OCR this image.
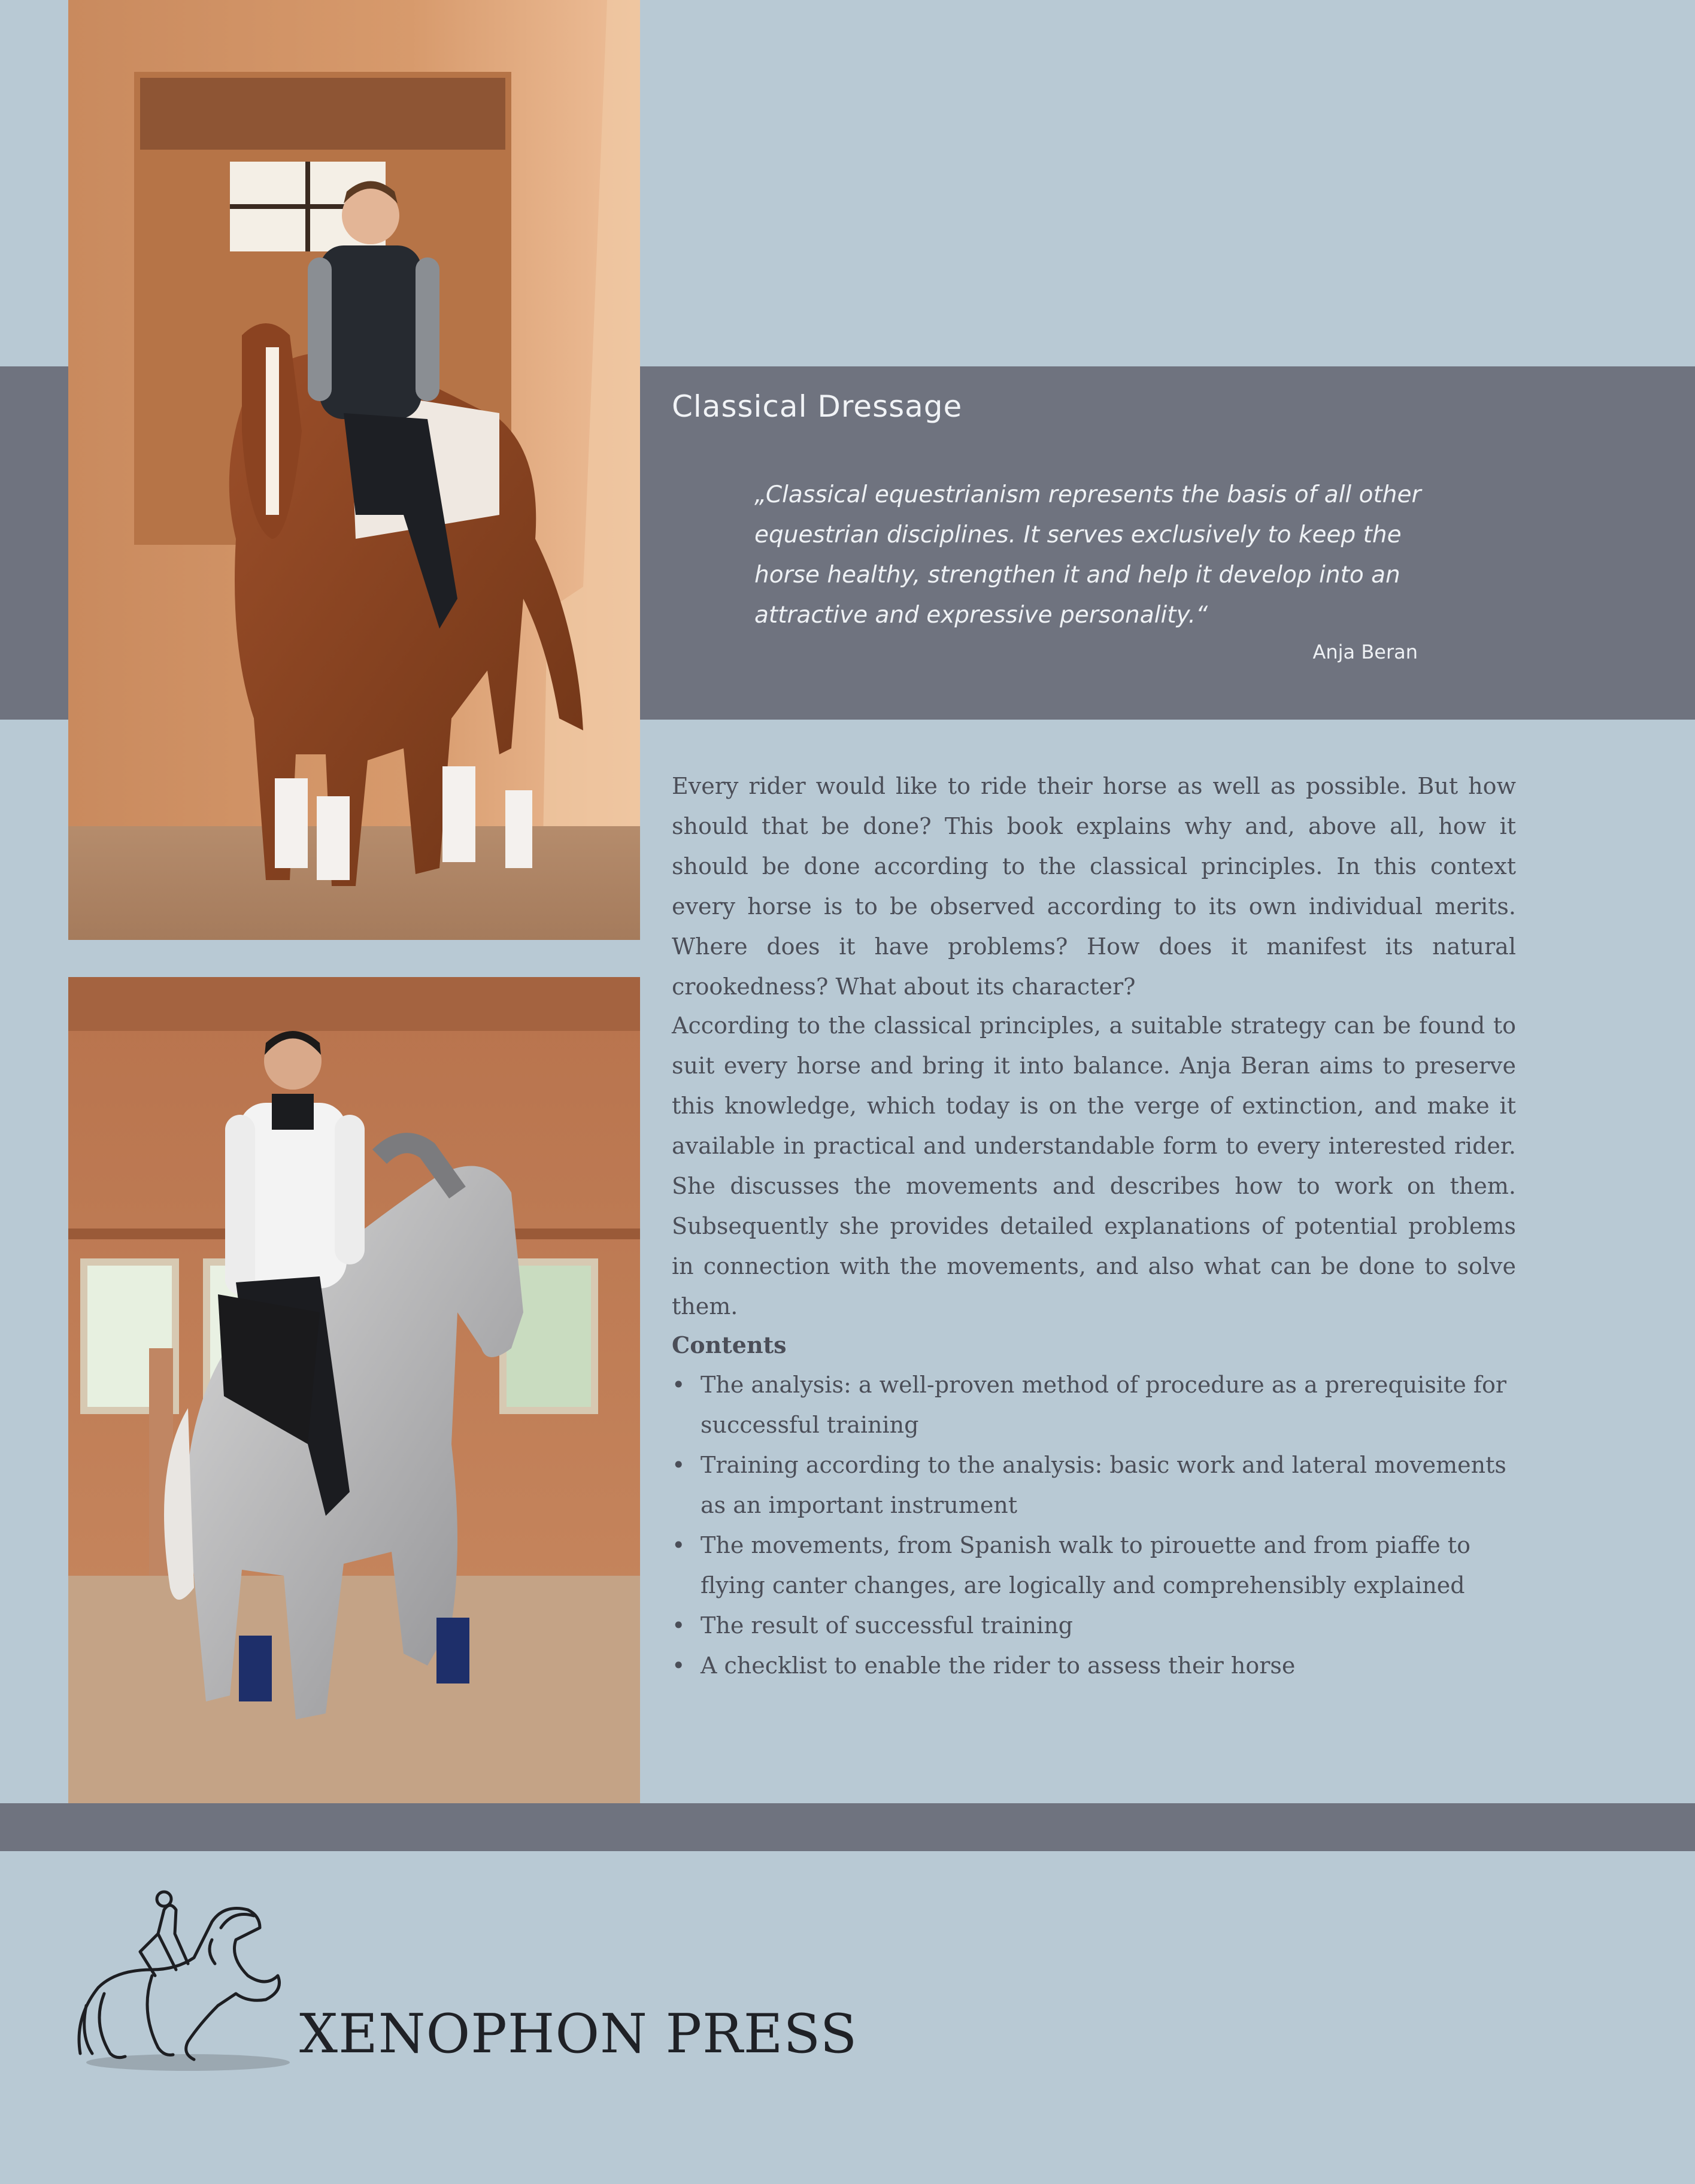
Classical Dressage

„Classical equestrianism represents the basis of all other equestrian disciplines. It serves exclusively to keep the horse healthy, strengthen it and help it develop into an attractive and expressive personality.“

Anja Beran

Every rider would like to ride their horse as well as possible. But how should that be done? This book explains why and, above all, how it should be done according to the classical principles. In this context every horse is to be observed according to its own individual merits. Where does it have problems? How does it manifest its natural crookedness? What about its character?

According to the classical principles, a suitable strategy can be found to suit every horse and bring it into balance. Anja Beran aims to preserve this knowledge, which today is on the verge of extinction, and make it available in practical and understandable form to every interested rider. She discusses the movements and describes how to work on them. Subsequently she provides detailed explanations of potential problems in connection with the movements, and also what can be done to solve them.

Contents
• The analysis: a well-proven method of procedure as a prerequisite for successful training
• Training according to the analysis: basic work and lateral movements as an important instrument
• The movements, from Spanish walk to pirouette and from piaffe to flying canter changes, are logically and comprehensibly explained
• The result of successful training
• A checklist to enable the rider to assess their horse
XENOPHON PRESS
